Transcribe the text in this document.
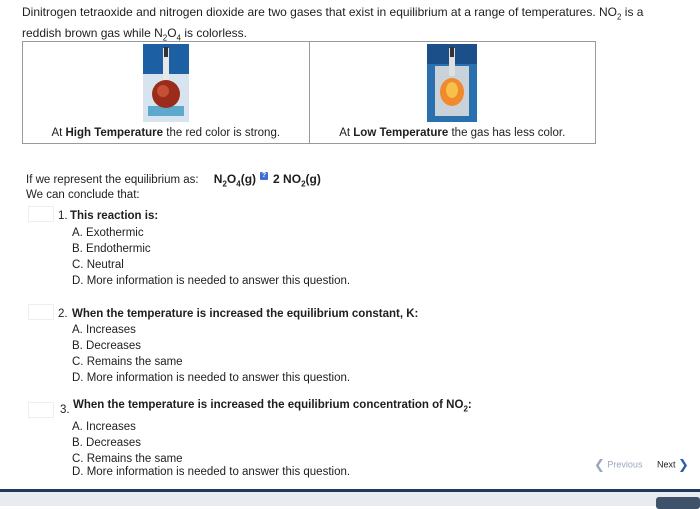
Dinitrogen tetraoxide and nitrogen dioxide are two gases that exist in equilibrium at a range of temperatures. $NO_2$ is a
reddish brown gas while $N_2O_4$ is colorless.
At High Temperature the red color is strong.	At Low Temperature the gas has less color.
If we represent the equilibrium as: $N_2O_4(g)$ ? 2 $NO_2(g)$
We can conclude that:
1. This reaction is:
A. Exothermic
B. Endothermic
C. Neutral
D. More information is needed to answer this question.
2. When the temperature is increased the equilibrium constant, K:
A. Increases
B. Decreases
C. Remains the same
D. More information is needed to answer this question.
3. When the temperature is increased the equilibrium concentration of $NO_2$:
A. Increases
B. Decreases
C. Remains the same
D. More information is needed to answer this question.	❮ Previous Next ❯
